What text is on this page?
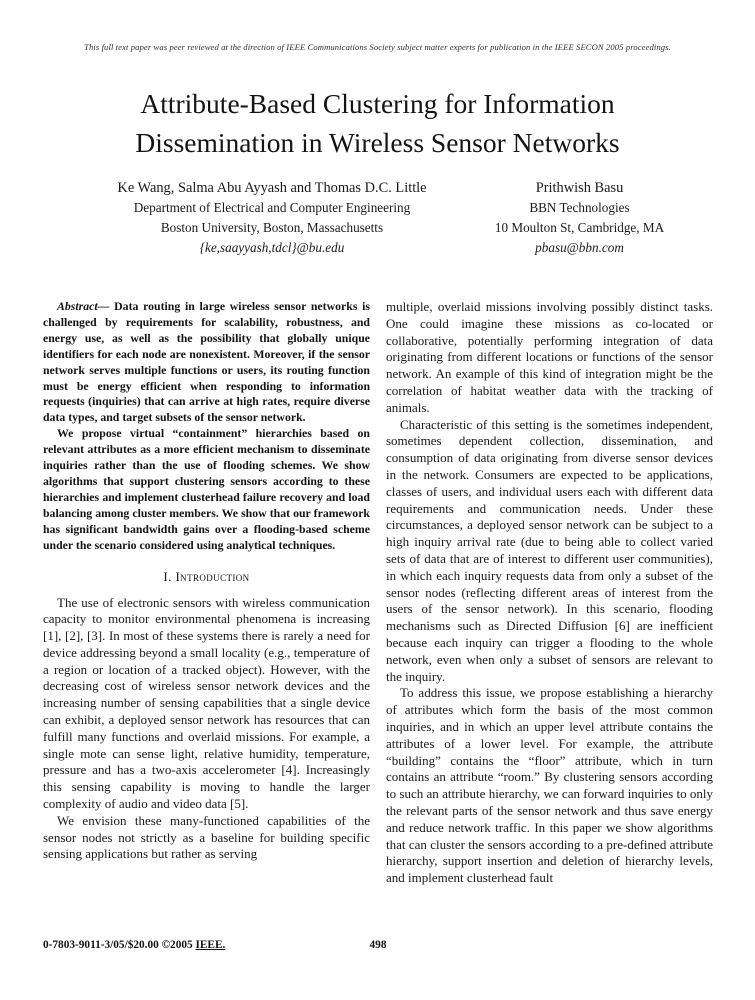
This full text paper was peer reviewed at the direction of IEEE Communications Society subject matter experts for publication in the IEEE SECON 2005 proceedings.
Attribute-Based Clustering for Information
Dissemination in Wireless Sensor Networks
Ke Wang, Salma Abu Ayyash and Thomas D.C. Little
Department of Electrical and Computer Engineering
Boston University, Boston, Massachusetts
{ke,saayyash,tdcl}@bu.edu
Prithwish Basu
BBN Technologies
10 Moulton St, Cambridge, MA
pbasu@bbn.com

Abstract— Data routing in large wireless sensor networks is challenged by requirements for scalability, robustness, and energy use, as well as the possibility that globally unique identifiers for each node are nonexistent. Moreover, if the sensor network serves multiple functions or users, its routing function must be energy efficient when responding to information requests (inquiries) that can arrive at high rates, require diverse data types, and target subsets of the sensor network.

We propose virtual “containment” hierarchies based on relevant attributes as a more efficient mechanism to disseminate inquiries rather than the use of flooding schemes. We show algorithms that support clustering sensors according to these hierarchies and implement clusterhead failure recovery and load balancing among cluster members. We show that our framework has significant bandwidth gains over a flooding-based scheme under the scenario considered using analytical techniques.

I. Introduction

The use of electronic sensors with wireless communication capacity to monitor environmental phenomena is increasing [1], [2], [3]. In most of these systems there is rarely a need for device addressing beyond a small locality (e.g., temperature of a region or location of a tracked object). However, with the decreasing cost of wireless sensor network devices and the increasing number of sensing capabilities that a single device can exhibit, a deployed sensor network has resources that can fulfill many functions and overlaid missions. For example, a single mote can sense light, relative humidity, temperature, pressure and has a two-axis accelerometer [4]. Increasingly this sensing capability is moving to handle the larger complexity of audio and video data [5].

We envision these many-functioned capabilities of the sensor nodes not strictly as a baseline for building specific sensing applications but rather as serving

multiple, overlaid missions involving possibly distinct tasks. One could imagine these missions as co-located or collaborative, potentially performing integration of data originating from different locations or functions of the sensor network. An example of this kind of integration might be the correlation of habitat weather data with the tracking of animals.

Characteristic of this setting is the sometimes independent, sometimes dependent collection, dissemination, and consumption of data originating from diverse sensor devices in the network. Consumers are expected to be applications, classes of users, and individual users each with different data requirements and communication needs. Under these circumstances, a deployed sensor network can be subject to a high inquiry arrival rate (due to being able to collect varied sets of data that are of interest to different user communities), in which each inquiry requests data from only a subset of the sensor nodes (reflecting different areas of interest from the users of the sensor network). In this scenario, flooding mechanisms such as Directed Diffusion [6] are inefficient because each inquiry can trigger a flooding to the whole network, even when only a subset of sensors are relevant to the inquiry.

To address this issue, we propose establishing a hierarchy of attributes which form the basis of the most common inquiries, and in which an upper level attribute contains the attributes of a lower level. For example, the attribute “building” contains the “floor” attribute, which in turn contains an attribute “room.” By clustering sensors according to such an attribute hierarchy, we can forward inquiries to only the relevant parts of the sensor network and thus save energy and reduce network traffic. In this paper we show algorithms that can cluster the sensors according to a pre-defined attribute hierarchy, support insertion and deletion of hierarchy levels, and implement clusterhead fault

0-7803-9011-3/05/$20.00 ©2005 IEEE.	498
